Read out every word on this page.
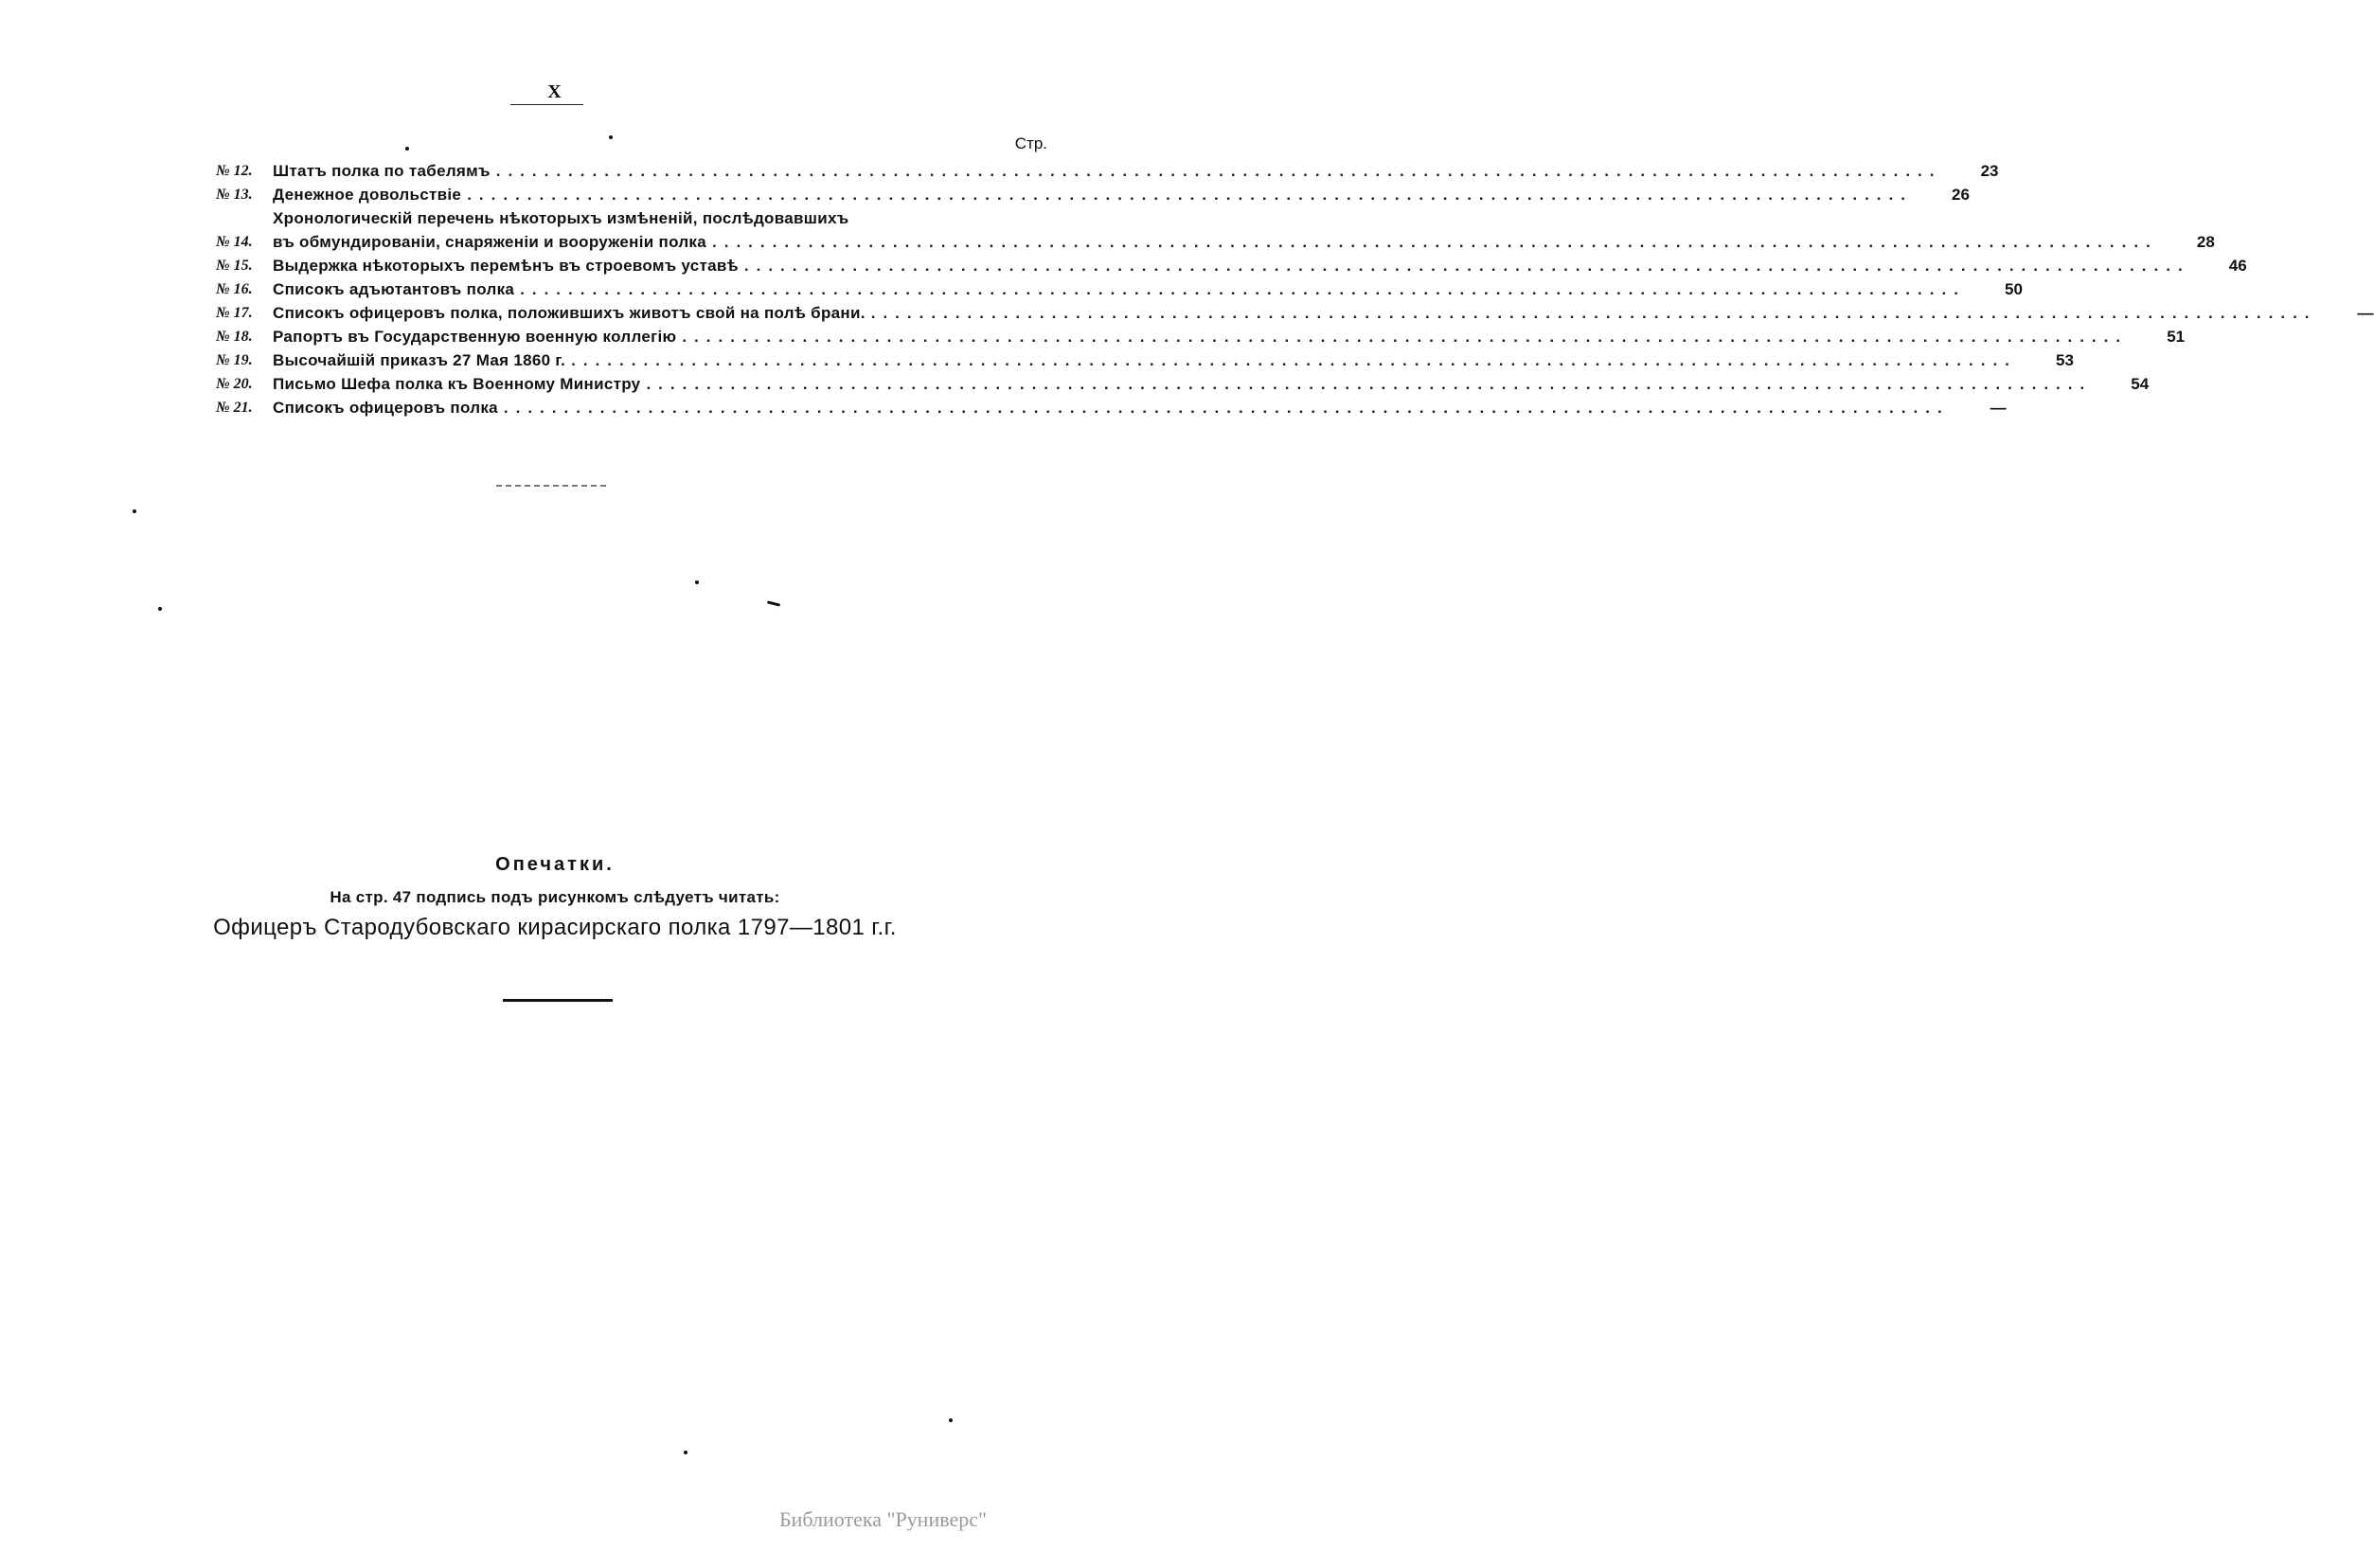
X
Стр.
№ 12.	Штатъ полка по табелямъ ........................................................................................................................	23
№ 13.	Денежное довольствіе ........................................................................................................................	26
№ 14.
Хронологическій перечень нѣкоторыхъ измѣненій, послѣдовавшихъ
въ обмундированіи, снаряженіи и вооруженіи полка ........................................................................................................................	28
№ 15.	Выдержка нѣкоторыхъ перемѣнъ въ строевомъ уставѣ ........................................................................................................................	46
№ 16.	Списокъ адъютантовъ полка ........................................................................................................................	50
№ 17.	Списокъ офицеровъ полка, положившихъ животъ свой на полѣ брани. ........................................................................................................................	—
№ 18.	Рапортъ въ Государственную военную коллегію ........................................................................................................................	51
№ 19.	Высочайшій приказъ 27 Мая 1860 г. ........................................................................................................................	53
№ 20.	Письмо Шефа полка къ Военному Министру ........................................................................................................................	54
№ 21.	Списокъ офицеровъ полка ........................................................................................................................	—
Опечатки.
На стр. 47 подпись подъ рисункомъ слѣдуетъ читать:
Офицеръ Стародубовскаго кирасирскаго полка 1797—1801 г.г.
Библиотека "Руниверс"
